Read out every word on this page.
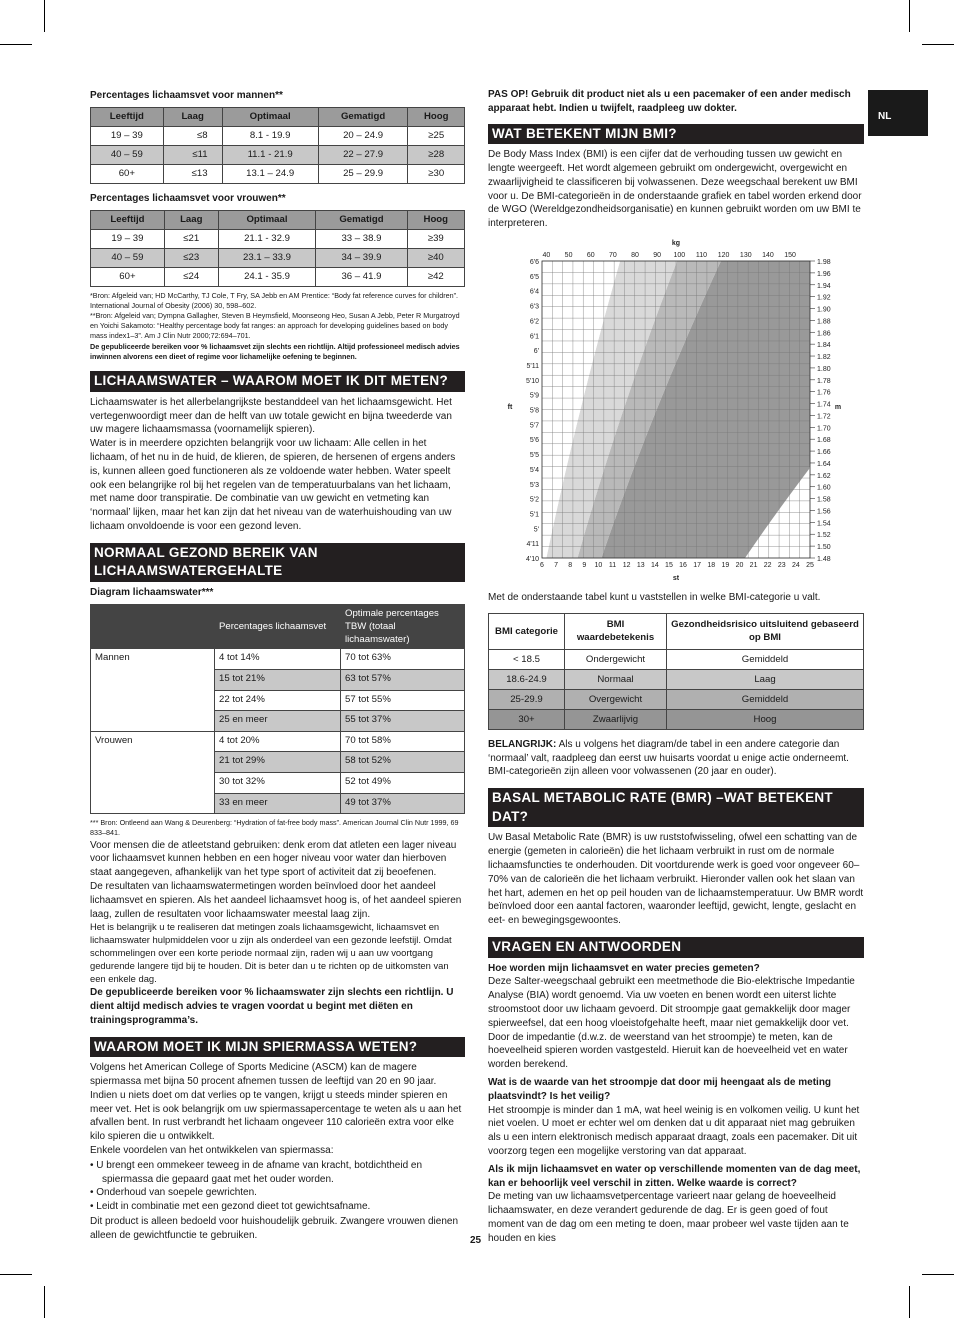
NL
25
Percentages lichaamsvet voor mannen**
Leeftijd	Laag	Optimaal	Gematigd	Hoog
19 – 39	≤8	8.1 - 19.9	20 – 24.9	≥25
40 – 59	≤11	11.1 - 21.9	22 – 27.9	≥28
60+	≤13	13.1 – 24.9	25 – 29.9	≥30
Percentages lichaamsvet voor vrouwen**
Leeftijd	Laag	Optimaal	Gematigd	Hoog
19 – 39	≤21	21.1 - 32.9	33 – 38.9	≥39
40 – 59	≤23	23.1 – 33.9	34 – 39.9	≥40
60+	≤24	24.1 - 35.9	36 – 41.9	≥42

*Bron: Afgeleid van; HD McCarthy, TJ Cole, T Fry, SA Jebb en AM Prentice: “Body fat reference curves for children”. International Journal of Obesity (2006) 30, 598–602.

**Bron: Afgeleid van; Dympna Gallagher, Steven B Heymsfield, Moonseong Heo, Susan A Jebb, Peter R Murgatroyd en Yoichi Sakamoto: “Healthy percentage body fat ranges: an approach for developing guidelines based on body mass index1–3”. Am J Clin Nutr 2000;72:694–701.

De gepubliceerde bereiken voor % lichaamsvet zijn slechts een richtlijn. Altijd professioneel medisch advies inwinnen alvorens een dieet of regime voor lichamelijke oefening te beginnen.

LICHAAMSWATER – WAAROM MOET IK DIT METEN?

Lichaamswater is het allerbelangrijkste bestanddeel van het lichaamsgewicht. Het vertegenwoordigt meer dan de helft van uw totale gewicht en bijna tweederde van uw magere lichaamsmassa (voornamelijk spieren).

Water is in meerdere opzichten belangrijk voor uw lichaam: Alle cellen in het lichaam, of het nu in de huid, de klieren, de spieren, de hersenen of ergens anders is, kunnen alleen goed functioneren als ze voldoende water hebben. Water speelt ook een belangrijke rol bij het regelen van de temperatuurbalans van het lichaam, met name door transpiratie. De combinatie van uw gewicht en vetmeting kan ‘normaal’ lijken, maar het kan zijn dat het niveau van de waterhuishouding van uw lichaam onvoldoende is voor een gezond leven.

NORMAAL GEZOND BEREIK VAN LICHAAMSWATERGEHALTE
Diagram lichaamswater***
	Percentages lichaamsvet	Optimale percentages TBW (totaal lichaamswater)
Mannen	4 tot 14%	70 tot 63%
	15 tot 21%	63 tot 57%
	22 tot 24%	57 tot 55%
	25 en meer	55 tot 37%
Vrouwen	4 tot 20%	70 tot 58%
	21 tot 29%	58 tot 52%
	30 tot 32%	52 tot 49%
	33 en meer	49 tot 37%

*** Bron: Ontleend aan Wang & Deurenberg: “Hydration of fat-free body mass”. American Journal Clin Nutr 1999, 69 833–841.

Voor mensen die de atleetstand gebruiken: denk erom dat atleten een lager niveau voor lichaamsvet kunnen hebben en een hoger niveau voor water dan hierboven staat aangegeven, afhankelijk van het type sport of activiteit dat zij beoefenen.

De resultaten van lichaamswatermetingen worden beïnvloed door het aandeel lichaamsvet en spieren. Als het aandeel lichaamsvet hoog is, of het aandeel spieren laag, zullen de resultaten voor lichaamswater meestal laag zijn.

Het is belangrijk u te realiseren dat metingen zoals lichaamsgewicht, lichaamsvet en lichaamswater hulpmiddelen voor u zijn als onderdeel van een gezonde leefstijl. Omdat schommelingen over een korte periode normaal zijn, raden wij u aan uw voortgang gedurende langere tijd bij te houden. Dit is beter dan u te richten op de uitkomsten van een enkele dag.

De gepubliceerde bereiken voor % lichaamswater zijn slechts een richtlijn. U dient altijd medisch advies te vragen voordat u begint met diëten en trainingsprogramma’s.

WAAROM MOET IK MIJN SPIERMASSA WETEN?

Volgens het American College of Sports Medicine (ASCM) kan de magere spiermassa met bijna 50 procent afnemen tussen de leeftijd van 20 en 90 jaar. Indien u niets doet om dat verlies op te vangen, krijgt u steeds minder spieren en meer vet. Het is ook belangrijk om uw spiermassapercentage te weten als u aan het afvallen bent. In rust verbrandt het lichaam ongeveer 110 calorieën extra voor elke kilo spieren die u ontwikkelt.

Enkele voordelen van het ontwikkelen van spiermassa:

• U brengt een ommekeer teweeg in de afname van kracht, botdichtheid en spiermassa die gepaard gaat met het ouder worden.
• Onderhoud van soepele gewrichten.
• Leidt in combinatie met een gezond dieet tot gewichtsafname.

Dit product is alleen bedoeld voor huishoudelijk gebruik. Zwangere vrouwen dienen alleen de gewichtfunctie te gebruiken.

PAS OP! Gebruik dit product niet als u een pacemaker of een ander medisch apparaat hebt. Indien u twijfelt, raadpleeg uw dokter.

WAT BETEKENT MIJN BMI?

De Body Mass Index (BMI) is een cijfer dat de verhouding tussen uw gewicht en lengte weergeeft. Het wordt algemeen gebruikt om ondergewicht, overgewicht en zwaarlijvigheid te classificeren bij volwassenen. Deze weegschaal berekent uw BMI voor u. De BMI-categorieën in de onderstaande grafiek en tabel worden erkend door de WGO (Wereldgezondheidsorganisatie) en kunnen gebruikt worden om uw BMI te interpreteren.

40 50 60 70 80 90 100 110 120 130 140 150
kg
6 7 8 9 10 11 12 13 14 15 16 17 18 19 20 21 22 23 24 25
st
6'6
6'5
6'4
6'3
6'2
6'1
6'
5'11
5'10
5'9
5'8
5'7
5'6
5'5
5'4
5'3
5'2
5'1
5'
4'11
4'10
ft
1.98
1.96
1.94
1.92
1.90
1.88
1.86
1.84
1.82
1.80
1.78
1.76
1.74
1.72
1.70
1.68
1.66
1.64
1.62
1.60
1.58
1.56
1.54
1.52
1.50
1.48
m

Met de onderstaande tabel kunt u vaststellen in welke BMI-categorie u valt.

BMI categorie	BMI waardebetekenis	Gezondheidsrisico uitsluitend gebaseerd op BMI
< 18.5	Ondergewicht	Gemiddeld
18.6-24.9	Normaal	Laag
25-29.9	Overgewicht	Gemiddeld
30+	Zwaarlijvig	Hoog

BELANGRIJK: Als u volgens het diagram/de tabel in een andere categorie dan ‘normaal’ valt, raadpleeg dan eerst uw huisarts voordat u enige actie onderneemt.

BMI-categorieën zijn alleen voor volwassenen (20 jaar en ouder).

BASAL METABOLIC RATE (BMR) –WAT BETEKENT DAT?

Uw Basal Metabolic Rate (BMR) is uw ruststofwisseling, ofwel een schatting van de energie (gemeten in calorieën) die het lichaam verbruikt in rust om de normale lichaamsfuncties te onderhouden. Dit voortdurende werk is goed voor ongeveer 60–70% van de calorieën die het lichaam verbruikt. Hieronder vallen ook het slaan van het hart, ademen en het op peil houden van de lichaamstemperatuur. Uw BMR wordt beïnvloed door een aantal factoren, waaronder leeftijd, gewicht, lengte, geslacht en eet- en bewegingsgewoontes.

VRAGEN EN ANTWOORDEN

Hoe worden mijn lichaamsvet en water precies gemeten?

Deze Salter-weegschaal gebruikt een meetmethode die Bio-elektrische Impedantie Analyse (BIA) wordt genoemd. Via uw voeten en benen wordt een uiterst lichte stroomstoot door uw lichaam gevoerd. Dit stroompje gaat gemakkelijk door mager spierweefsel, dat een hoog vloeistofgehalte heeft, maar niet gemakkelijk door vet. Door de impedantie (d.w.z. de weerstand van het stroompje) te meten, kan de hoeveelheid spieren worden vastgesteld. Hieruit kan de hoeveelheid vet en water worden berekend.

Wat is de waarde van het stroompje dat door mij heengaat als de meting plaatsvindt? Is het veilig?

Het stroompje is minder dan 1 mA, wat heel weinig is en volkomen veilig. U kunt het niet voelen. U moet er echter wel om denken dat u dit apparaat niet mag gebruiken als u een intern elektronisch medisch apparaat draagt, zoals een pacemaker. Dit uit voorzorg tegen een mogelijke verstoring van dat apparaat.

Als ik mijn lichaamsvet en water op verschillende momenten van de dag meet, kan er behoorlijk veel verschil in zitten. Welke waarde is correct?

De meting van uw lichaamsvetpercentage varieert naar gelang de hoeveelheid lichaamswater, en deze verandert gedurende de dag. Er is geen goed of fout moment van de dag om een meting te doen, maar probeer wel vaste tijden aan te houden en kies
